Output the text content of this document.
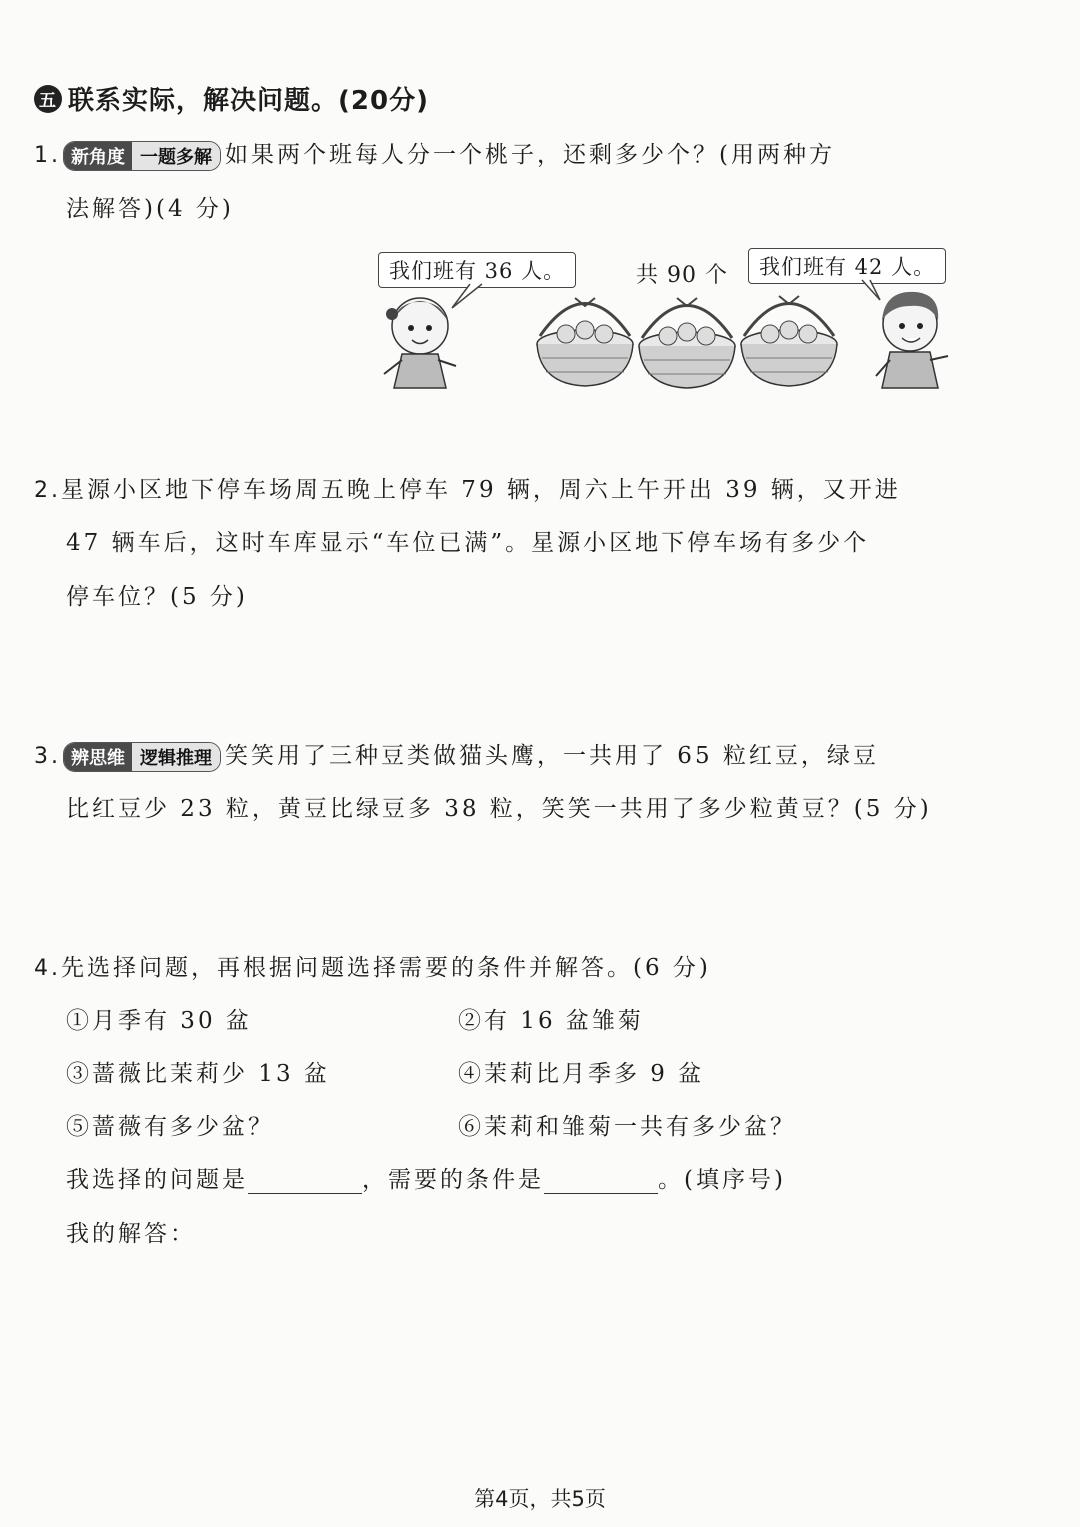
五 联系实际，解决问题。(20分)
1. 新角度 一题多解 如果两个班每人分一个桃子，还剩多少个？(用两种方
法解答)(4 分)
我们班有 36 人。	共 90 个	我们班有 42 人。
2.星源小区地下停车场周五晚上停车 79 辆，周六上午开出 39 辆，又开进
47 辆车后，这时车库显示“车位已满”。星源小区地下停车场有多少个
停车位？(5 分)
3. 辨思维 逻辑推理 笑笑用了三种豆类做猫头鹰，一共用了 65 粒红豆，绿豆
比红豆少 23 粒，黄豆比绿豆多 38 粒，笑笑一共用了多少粒黄豆？(5 分)
4.先选择问题，再根据问题选择需要的条件并解答。(6 分)
①月季有 30 盆	②有 16 盆雏菊
③蔷薇比茉莉少 13 盆	④茉莉比月季多 9 盆
⑤蔷薇有多少盆？	⑥茉莉和雏菊一共有多少盆？
我选择的问题是	，需要的条件是	。(填序号)
我的解答：
第4页，共5页
